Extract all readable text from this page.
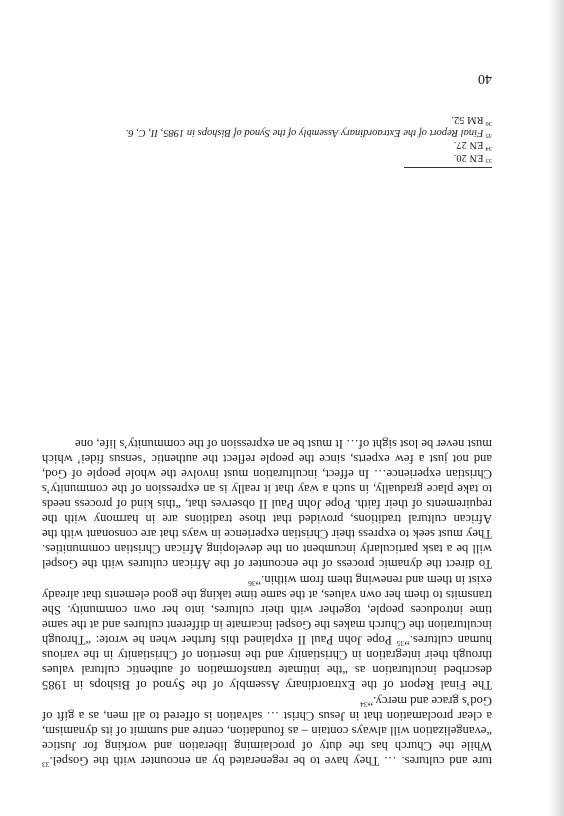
ture and cultures. … They have to be regenerated by an encounter with the Gospel.$^{33}$ While the Church has the duty of proclaiming liberation and working for Justice “evangelization will always contain – as foundation, centre and summit of its dynamism, a clear proclamation that in Jesus Christ … salvation is offered to all men, as a gift of God’s grace and mercy.”$^{34}$

The Final Report of the Extraordinary Assembly of the Synod of Bishops in 1985 described inculturation as “the intimate transformation of authentic cultural values through their integration in Christianity and the insertion of Christianity in the various human cultures.”$^{35}$ Pope John Paul II explained this further when he wrote: “Through inculturation the Church makes the Gospel incarnate in different cultures and at the same time introduces people, together with their cultures, into her own community. She transmits to them her own values, at the same time taking the good elements that already exist in them and renewing them from within.”$^{36}$

To direct the dynamic process of the encounter of the African cultures with the Gospel will be a task particularly incumbent on the developing African Christian communities. They must seek to express their Christian experience in ways that are consonant with the African cultural traditions, provided that those traditions are in harmony with the requirements of their faith. Pope John Paul II observes that, “this kind of process needs to take place gradually, in such a way that it really is an expression of the community’s Christian experience… In effect, inculturation must involve the whole people of God, and not just a few experts, since the people reflect the authentic ‘sensus fidei’ which must never be lost sight of… It must be an expression of the community’s life, one

$^{33}$EN 20.

$^{34}$EN 27.

$^{35}$Final Report of the Extraordinary Assembly of the Synod of Bishops in 1985, II, C, 6.

$^{36}$RM 52.

40
